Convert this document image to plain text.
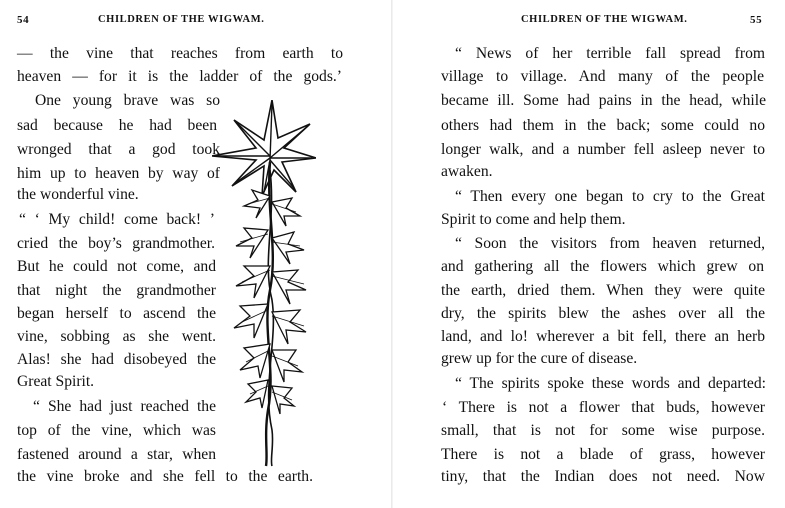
54	CHILDREN OF THE WIGWAM.
— the vine that reaches from earth to
heaven — for it is the ladder of the gods.’
One young brave was so
sad because he had been
wronged that a god took
him up to heaven by way of
the wonderful vine.
“ ‘ My child! come back! ’
cried the boy’s grandmother.
But he could not come, and
that night the grandmother
began herself to ascend the
vine, sobbing as she went.
Alas! she had disobeyed the
Great Spirit.
“ She had just reached the
top of the vine, which was
fastened around a star, when
the vine broke and she fell to the earth.
CHILDREN OF THE WIGWAM.	55
“ News of her terrible fall spread from
village to village. And many of the people
became ill. Some had pains in the head, while
others had them in the back; some could no
longer walk, and a number fell asleep never to
awaken.
“ Then every one began to cry to the Great
Spirit to come and help them.
“ Soon the visitors from heaven returned,
and gathering all the flowers which grew on
the earth, dried them. When they were quite
dry, the spirits blew the ashes over all the
land, and lo! wherever a bit fell, there an herb
grew up for the cure of disease.
“ The spirits spoke these words and departed:
‘ There is not a flower that buds, however
small, that is not for some wise purpose.
There is not a blade of grass, however
tiny, that the Indian does not need. Now
